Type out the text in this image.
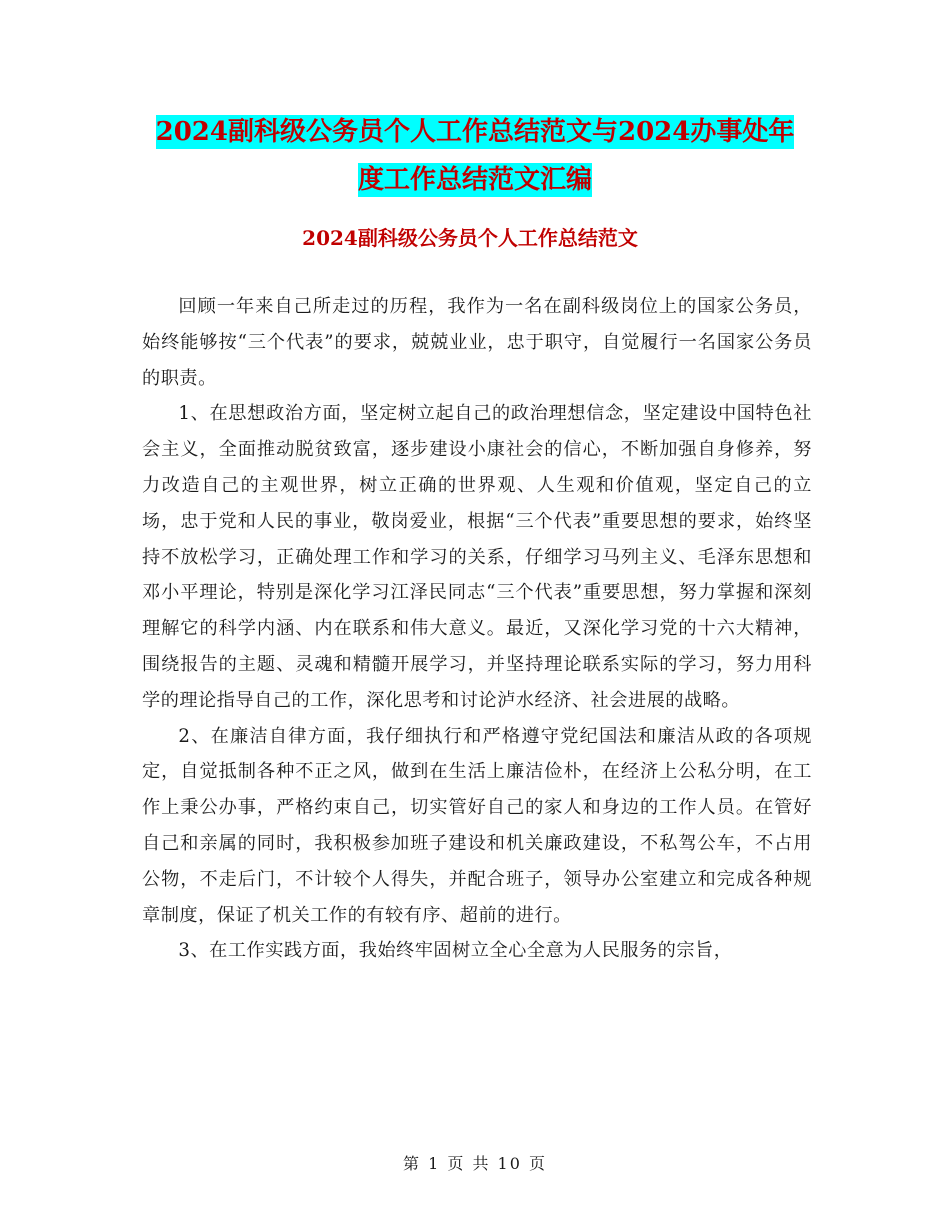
2024副科级公务员个人工作总结范文与2024办事处年
度工作总结范文汇编
2024副科级公务员个人工作总结范文

回顾一年来自己所走过的历程，我作为一名在副科级岗位上的国家公务员，始终能够按“三个代表”的要求，兢兢业业，忠于职守，自觉履行一名国家公务员的职责。

1、在思想政治方面，坚定树立起自己的政治理想信念，坚定建设中国特色社会主义，全面推动脱贫致富，逐步建设小康社会的信心，不断加强自身修养，努力改造自己的主观世界，树立正确的世界观、人生观和价值观，坚定自己的立场，忠于党和人民的事业，敬岗爱业，根据“三个代表”重要思想的要求，始终坚持不放松学习，正确处理工作和学习的关系，仔细学习马列主义、毛泽东思想和邓小平理论，特别是深化学习江泽民同志“三个代表”重要思想，努力掌握和深刻理解它的科学内涵、内在联系和伟大意义。最近，又深化学习党的十六大精神，围绕报告的主题、灵魂和精髓开展学习，并坚持理论联系实际的学习，努力用科学的理论指导自己的工作，深化思考和讨论泸水经济、社会进展的战略。

2、在廉洁自律方面，我仔细执行和严格遵守党纪国法和廉洁从政的各项规定，自觉抵制各种不正之风，做到在生活上廉洁俭朴，在经济上公私分明，在工作上秉公办事，严格约束自己，切实管好自己的家人和身边的工作人员。在管好自己和亲属的同时，我积极参加班子建设和机关廉政建设，不私驾公车，不占用公物，不走后门，不计较个人得失，并配合班子，领导办公室建立和完成各种规章制度，保证了机关工作的有较有序、超前的进行。

3、在工作实践方面，我始终牢固树立全心全意为人民服务的宗旨，

第 1 页 共 10 页
